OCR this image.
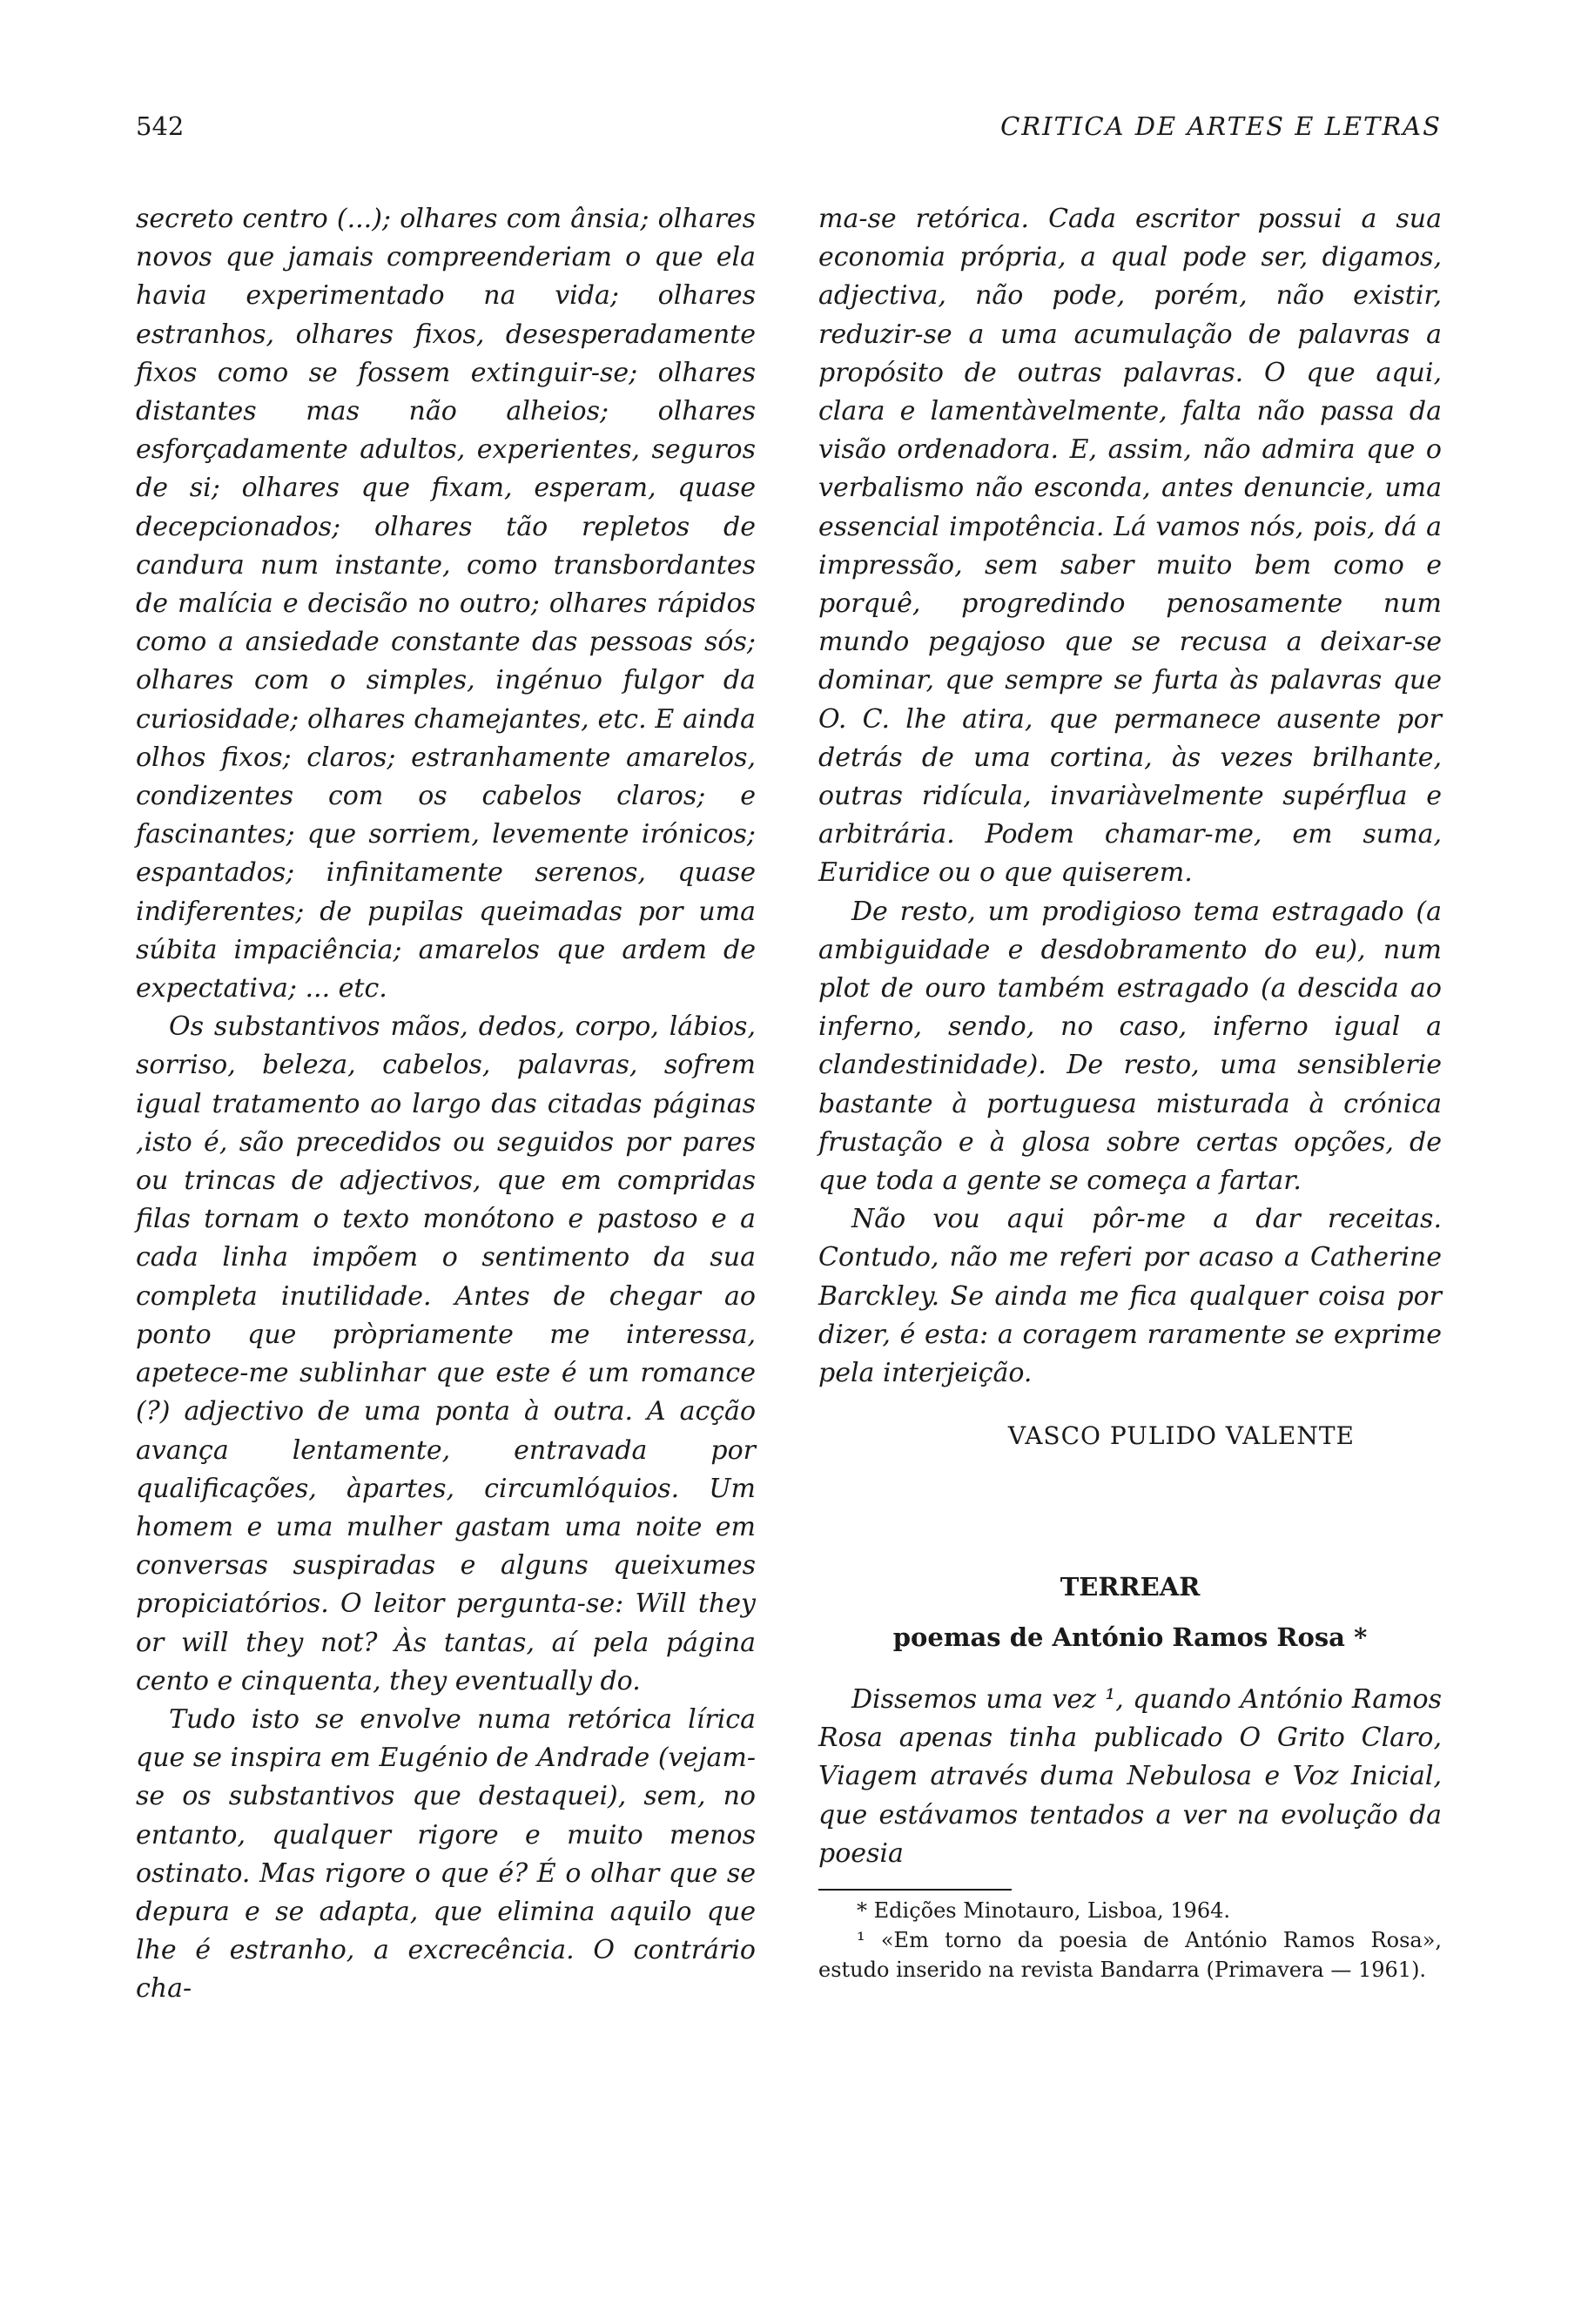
542	CRITICA DE ARTES E LETRAS

secreto centro (...); olhares com ânsia; olhares novos que jamais compreenderiam o que ela havia experimentado na vida; olhares estranhos, olhares fixos, desesperadamente fixos como se fossem extinguir-se; olhares distantes mas não alheios; olhares esforçadamente adultos, experientes, seguros de si; olhares que fixam, esperam, quase decepcionados; olhares tão repletos de candura num instante, como transbordantes de malícia e decisão no outro; olhares rápidos como a ansiedade constante das pessoas sós; olhares com o simples, ingénuo fulgor da curiosidade; olhares chamejantes, etc. E ainda olhos fixos; claros; estranhamente amarelos, condizentes com os cabelos claros; e fascinantes; que sorriem, levemente irónicos; espantados; infinitamente serenos, quase indiferentes; de pupilas queimadas por uma súbita impaciência; amarelos que ardem de expectativa; ... etc.

Os substantivos mãos, dedos, corpo, lábios, sorriso, beleza, cabelos, palavras, sofrem igual tratamento ao largo das citadas páginas ,isto é, são precedidos ou seguidos por pares ou trincas de adjectivos, que em compridas filas tornam o texto monótono e pastoso e a cada linha impõem o sentimento da sua completa inutilidade. Antes de chegar ao ponto que pròpriamente me interessa, apetece-me sublinhar que este é um romance (?) adjectivo de uma ponta à outra. A acção avança lentamente, entravada por qualificações, àpartes, circumlóquios. Um homem e uma mulher gastam uma noite em conversas suspiradas e alguns queixumes propiciatórios. O leitor pergunta-se: Will they or will they not? Às tantas, aí pela página cento e cinquenta, they eventually do.

Tudo isto se envolve numa retórica lírica que se inspira em Eugénio de Andrade (vejam-se os substantivos que destaquei), sem, no entanto, qualquer rigore e muito menos ostinato. Mas rigore o que é? É o olhar que se depura e se adapta, que elimina aquilo que lhe é estranho, a excrecência. O contrário cha-

ma-se retórica. Cada escritor possui a sua economia própria, a qual pode ser, digamos, adjectiva, não pode, porém, não existir, reduzir-se a uma acumulação de palavras a propósito de outras palavras. O que aqui, clara e lamentàvelmente, falta não passa da visão ordenadora. E, assim, não admira que o verbalismo não esconda, antes denuncie, uma essencial impotência. Lá vamos nós, pois, dá a impressão, sem saber muito bem como e porquê, progredindo penosamente num mundo pegajoso que se recusa a deixar-se dominar, que sempre se furta às palavras que O. C. lhe atira, que permanece ausente por detrás de uma cortina, às vezes brilhante, outras ridícula, invariàvelmente supérflua e arbitrária. Podem chamar-me, em suma, Euridice ou o que quiserem.

De resto, um prodigioso tema estragado (a ambiguidade e desdobramento do eu), num plot de ouro também estragado (a descida ao inferno, sendo, no caso, inferno igual a clandestinidade). De resto, uma sensiblerie bastante à portuguesa misturada à crónica frustação e à glosa sobre certas opções, de que toda a gente se começa a fartar.

Não vou aqui pôr-me a dar receitas. Contudo, não me referi por acaso a Catherine Barckley. Se ainda me fica qualquer coisa por dizer, é esta: a coragem raramente se exprime pela interjeição.

VASCO PULIDO VALENTE

TERREAR

poemas de António Ramos Rosa *

Dissemos uma vez ¹, quando António Ramos Rosa apenas tinha publicado O Grito Claro, Viagem através duma Nebulosa e Voz Inicial, que estávamos tentados a ver na evolução da poesia

* Edições Minotauro, Lisboa, 1964.

¹ «Em torno da poesia de António Ramos Rosa», estudo inserido na revista Bandarra (Primavera — 1961).
